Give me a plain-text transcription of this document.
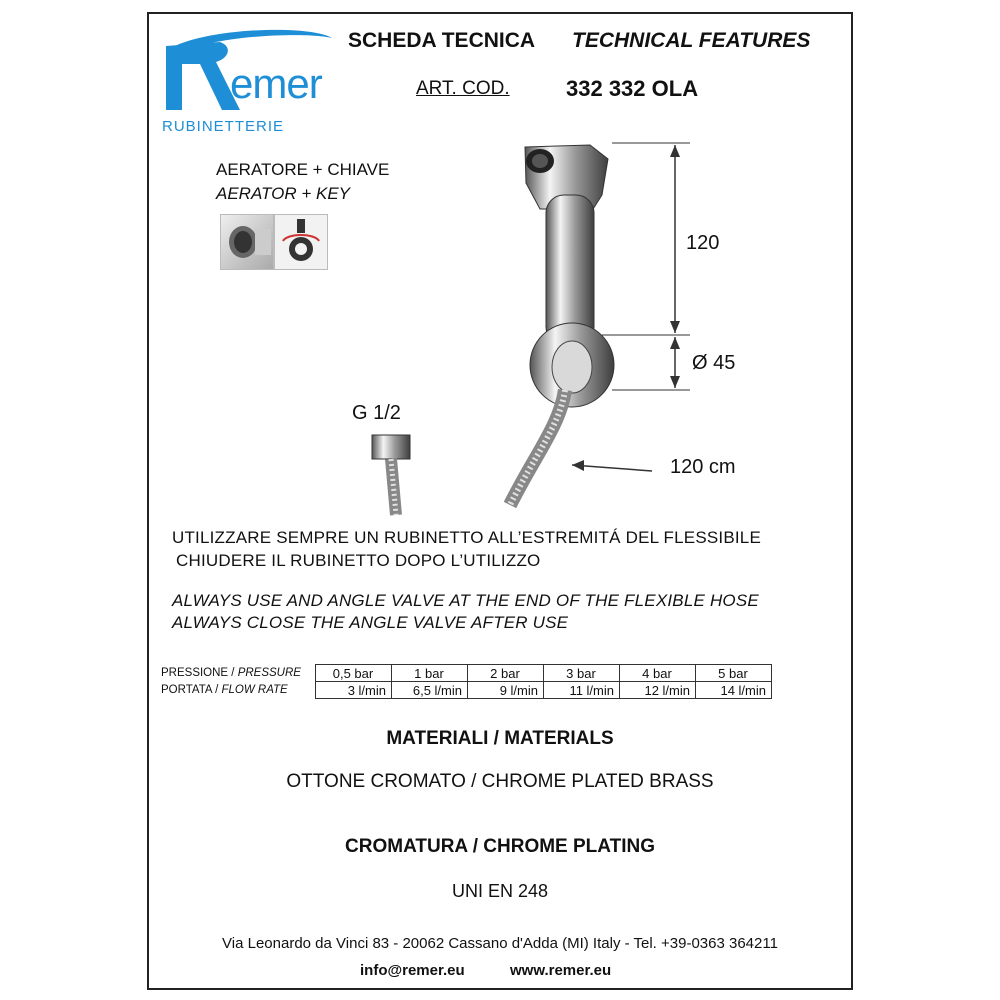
emer
RUBINETTERIE
SCHEDA TECNICA TECHNICAL FEATURES
ART. COD.	332 332 OLA
AERATORE + CHIAVE
AERATOR + KEY
120
Ø 45
G 1/2
120 cm
UTILIZZARE SEMPRE UN RUBINETTO ALL’ESTREMITÁ DEL FLESSIBILE
CHIUDERE IL RUBINETTO DOPO L’UTILIZZO
ALWAYS USE AND ANGLE VALVE AT THE END OF THE FLEXIBLE HOSE
ALWAYS CLOSE THE ANGLE VALVE AFTER USE
PRESSIONE / PRESSURE	0,5 bar	1 bar	2 bar	3 bar	4 bar	5 bar
PORTATA / FLOW RATE	3 l/min	6,5 l/min	9 l/min	11 l/min	12 l/min	14 l/min
MATERIALI / MATERIALS
OTTONE CROMATO / CHROME PLATED BRASS
CROMATURA / CHROME PLATING
UNI EN 248
Via Leonardo da Vinci 83 - 20062 Cassano d'Adda (MI) Italy - Tel. +39-0363 364211
info@remer.eu	www.remer.eu
